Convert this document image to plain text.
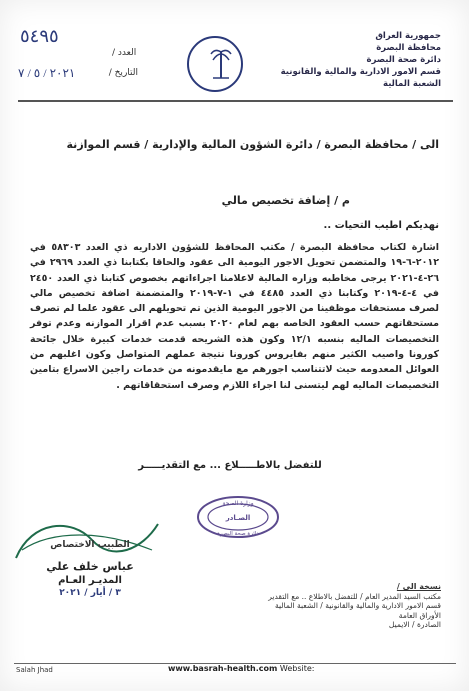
جمهورية العراق
محافظة البصرة
دائرة صحة البصرة
قسم الامور الادارية والمالية والقانونية
الشعبة المالية
٥٤٩٥
العدد /
٢٠٢١ / ٥ / ٧	التاريخ /
الى / محافظة البصرة / دائرة الشؤون المالية والإدارية / قسم الموازنة
م / إضافة تخصيص مالي
نهديكم اطيب التحيات ..
اشارة لكتاب محافظة البصرة / مكتب المحافظ للشؤون الاداريه ذي العدد ٥٨٣٠٣ في ٢٠١٢-٦-١٩ والمتضمن تحويل الاجور اليومية الى عقود والحاقا بكتابنا ذي العدد ٢٩٦٩ في ٢٦-٤-٢٠٢١ يرجى مخاطبه وزاره المالية لاعلامنا اجراءاتهم بخصوص كتابنا ذي العدد ٢٤٥٠ في ٤-٤-٢٠١٩ وكتابنا ذي العدد ٤٤٨٥ في ١-٧-٢٠١٩ والمتضمنة اضافة تخصيص مالي لصرف مستحقات موظفينا من الاجور اليومية الذين تم تحويلهم الى عقود علما لم تصرف مستحقاتهم حسب العقود الخاصه بهم لعام ٢٠٢٠ بسبب عدم اقرار الموازنه وعدم توفر التخصيصات الماليه بنسبه ١٢/١ وكون هذه الشريحه قدمت خدمات كبيرة خلال جائحة كورونا واصيب الكثير منهم بفايروس كورونا نتيجة عملهم المتواصل وكون اغلبهم من العوائل المعدومه حيث لاتتناسب اجورهم مع مايقدمونه من خدمات راجين الاسراع بتامين التخصيصات الماليه لهم ليتسنى لنا اجراء اللازم وصرف استحقاقاتهم .
للتفضل بالاطـــــلاع ... مع التقديـــــر
وزارة الصحة
الصـادر
دائرة صحة البصرة
الطبيب الاختصاص
عباس خلف علي
المديـر العـام
٣ / أيار / ٢٠٢١
نسخة الى /
مكتب السيد المدير العام / للتفضل بالاطلاع .. مع التقدير
قسم الامور الادارية والمالية والقانونية / الشعبة المالية
الأوراق العامة
الصادرة / الايميل
Salah Jhad	www.basrah-health.com Website:
